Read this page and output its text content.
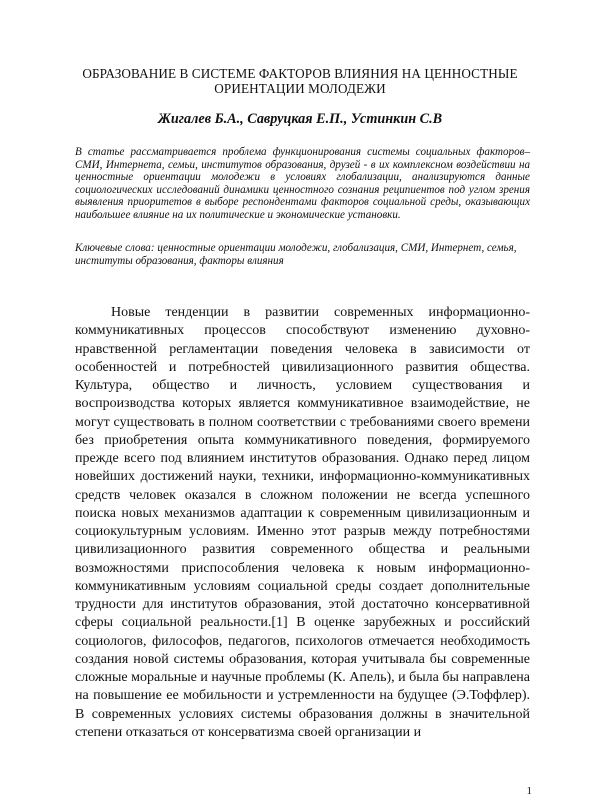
ОБРАЗОВАНИЕ В СИСТЕМЕ ФАКТОРОВ ВЛИЯНИЯ НА ЦЕННОСТНЫЕ ОРИЕНТАЦИИ МОЛОДЕЖИ
Жигалев Б.А., Савруцкая Е.П., Устинкин С.В
В статье рассматривается проблема функционирования системы социальных факторов–СМИ, Интернета, семьи, институтов образования, друзей - в их комплексном воздействии на ценностные ориентации молодежи в условиях глобализации, анализируются данные социологических исследований динамики ценностного сознания реципиентов под углом зрения выявления приоритетов в выборе респондентами факторов социальной среды, оказывающих наибольшее влияние на их политические и экономические установки.
Ключевые слова: ценностные ориентации молодежи, глобализация, СМИ, Интернет, семья, институты образования, факторы влияния
Новые тенденции в развитии современных информационно-коммуникативных процессов способствуют изменению духовно-нравственной регламентации поведения человека в зависимости от особенностей и потребностей цивилизационного развития общества. Культура, общество и личность, условием существования и воспроизводства которых является коммуникативное взаимодействие, не могут существовать в полном соответствии с требованиями своего времени без приобретения опыта коммуникативного поведения, формируемого прежде всего под влиянием институтов образования. Однако перед лицом новейших достижений науки, техники, информационно-коммуникативных средств человек оказался в сложном положении не всегда успешного поиска новых механизмов адаптации к современным цивилизационным и социокультурным условиям. Именно этот разрыв между потребностями цивилизационного развития современного общества и реальными возможностями приспособления человека к новым информационно-коммуникативным условиям социальной среды создает дополнительные трудности для институтов образования, этой достаточно консервативной сферы социальной реальности.[1] В оценке зарубежных и российский социологов, философов, педагогов, психологов отмечается необходимость создания новой системы образования, которая учитывала бы современные сложные моральные и научные проблемы (К. Апель), и была бы направлена на повышение ее мобильности и устремленности на будущее (Э.Тоффлер). В современных условиях системы образования должны в значительной степени отказаться от консерватизма своей организации и
1
